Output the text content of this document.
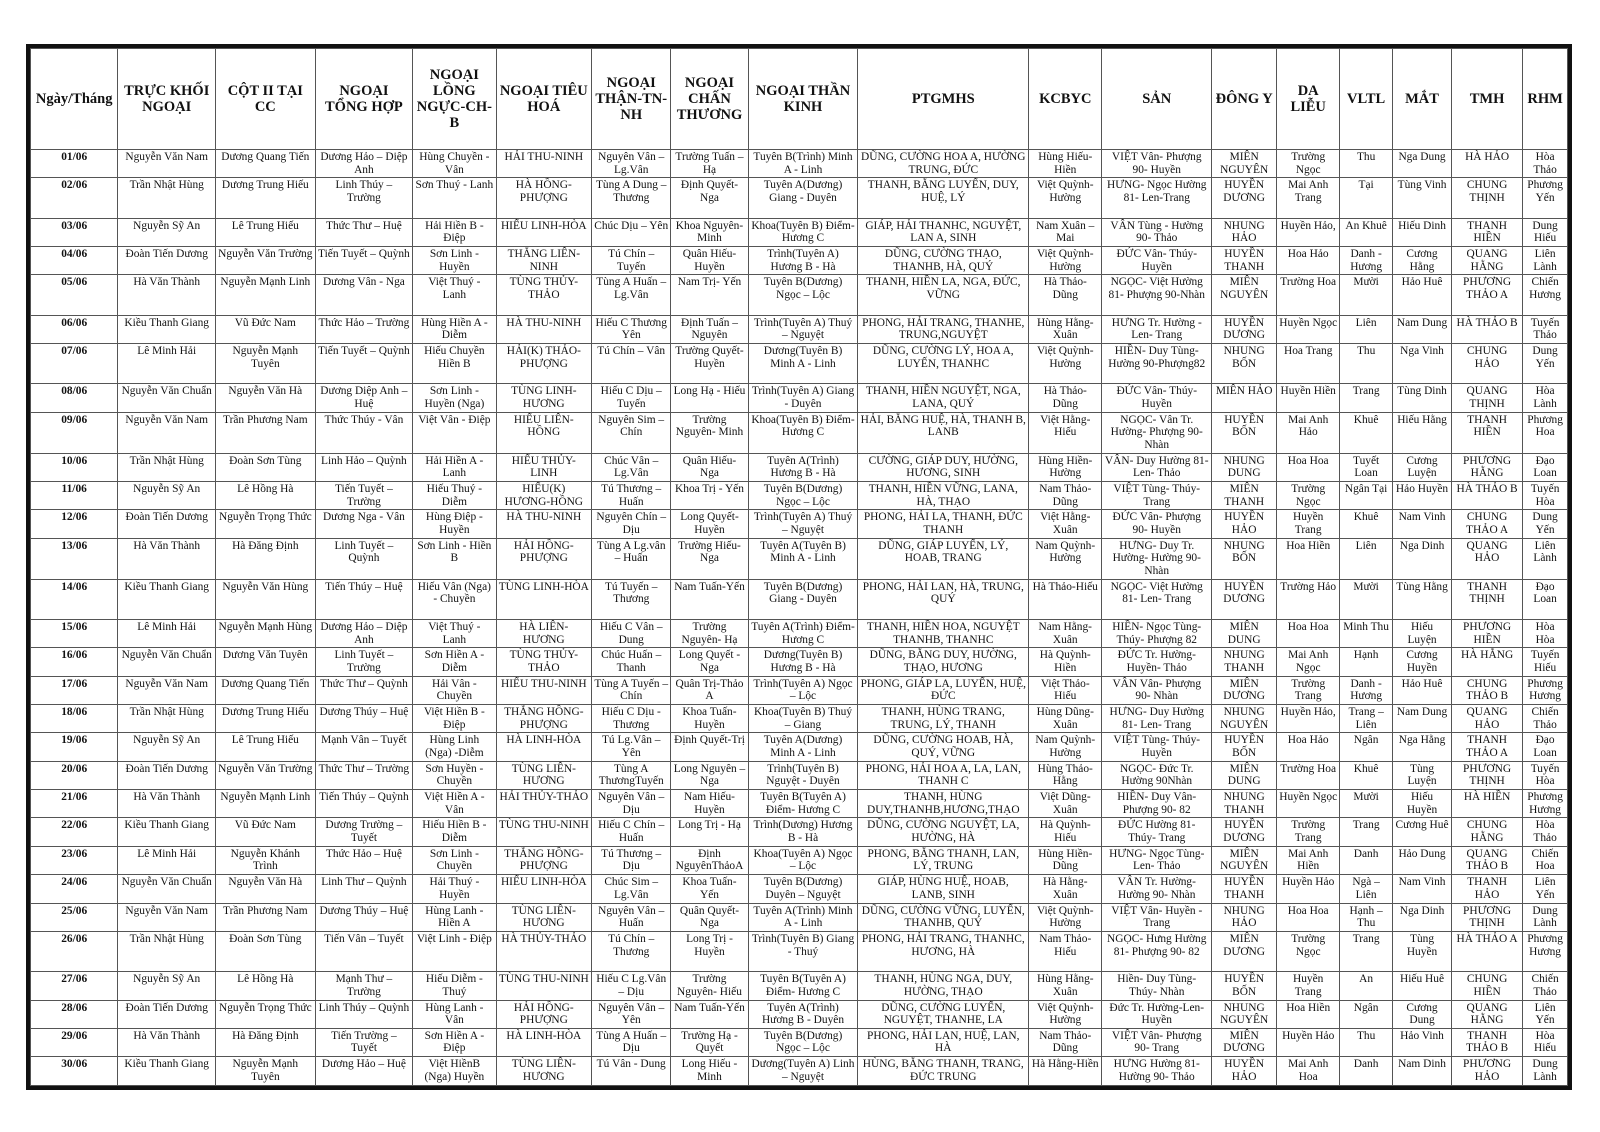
Ngày/Tháng	TRỰC KHỐI NGOẠI	CỘT II TẠI CC	NGOẠI TỔNG HỢP	NGOẠI LỒNG NGỰC-CH-B	NGOẠI TIÊU HOÁ	NGOẠI THẬN-TN-NH	NGOẠI CHẤN THƯƠNG	NGOẠI THẦN KINH	PTGMHS	KCBYC	SẢN	ĐÔNG Y	DA LIỄU	VLTL	MẮT	TMH	RHM
01/06	Nguyễn Văn Nam	Dương Quang Tiến	Dương Hảo – Diệp Anh	Hùng Chuyền - Vân	HẢI THU-NINH	Nguyên Vân – Lg.Vân	Trường Tuấn – Hạ	Tuyên B(Trình) Minh A - Linh	DŨNG, CƯỜNG HOA A, HƯỜNG TRUNG, ĐỨC	Hùng Hiếu-Hiền	VIỆT Vân- Phượng 90- Huyền	MIÊN NGUYÊN	Trường Ngọc	Thu	Nga Dung	HÀ HẢO	Hòa Thảo
02/06	Trần Nhật Hùng	Dương Trung Hiếu	Linh Thúy – Trường	Sơn Thuý - Lanh	HÀ HỒNG-PHƯỢNG	Tùng A Dung – Thương	Định Quyết-Nga	Tuyên A(Dương) Giang - Duyên	THANH, BẰNG LUYẾN, DUY, HUỆ, LÝ	Việt Quỳnh-Hường	HƯNG- Ngọc Hường 81- Len-Trang	HUYỀN DƯƠNG	Mai Anh Trang	Tại	Tùng Vinh	CHUNG THỊNH	Phương Yến
03/06	Nguyễn Sỹ An	Lê Trung Hiếu	Thức Thư – Huệ	Hải Hiền B - Điệp	HIẾU LINH-HÒA	Chúc Dịu – Yên	Khoa Nguyên-Minh	Khoa(Tuyên B) Điểm- Hương C	GIÁP, HẢI THANHC, NGUYỆT, LAN A, SINH	Nam Xuân – Mai	VÂN Tùng - Hường 90- Thảo	NHUNG HẢO	Huyền Hảo,	An Khuê	Hiếu Dinh	THANH HIỀN	Dung Hiếu
04/06	Đoàn Tiến Dương	Nguyễn Văn Trường	Tiến Tuyết – Quỳnh	Sơn Linh - Huyền	THẮNG LIÊN-NINH	Tú Chín – Tuyến	Quân Hiếu-Huyền	Trình(Tuyên A) Hương B - Hà	DŨNG, CƯỜNG THẠO, THANHB, HÀ, QUÝ	Việt Quỳnh-Hường	ĐỨC Vân- Thúy-Huyền	HUYỀN THANH	Hoa Hảo	Danh - Hương	Cương Hằng	QUANG HẰNG	Liên Lành
05/06	Hà Văn Thành	Nguyễn Mạnh Linh	Dương Vân - Nga	Việt Thuý - Lanh	TÙNG THỦY-THẢO	Tùng A Huấn – Lg.Vân	Nam Trị- Yến	Tuyên B(Dương) Ngọc – Lộc	THANH, HIỀN LA, NGA, ĐỨC, VỮNG	Hà Thảo-Dũng	NGỌC- Việt Hường 81- Phượng 90-Nhàn	MIÊN NGUYÊN	Trường Hoa	Mười	Hảo Huê	PHƯƠNG THẢO A	Chiến Hương
06/06	Kiều Thanh Giang	Vũ Đức Nam	Thức Hảo – Trường	Hùng Hiền A - Diễm	HÀ THU-NINH	Hiếu C Thương Yên	Định Tuấn – Nguyên	Trình(Tuyên A) Thuý – Nguyệt	PHONG, HẢI TRANG, THANHE, TRUNG,NGUYỆT	Hùng Hằng-Xuân	HƯNG Tr. Hường - Len- Trang	HUYỀN DƯƠNG	Huyền Ngọc	Liên	Nam Dung	HÀ THẢO B	Tuyến Thảo
07/06	Lê Minh Hải	Nguyễn Mạnh Tuyên	Tiến Tuyết – Quỳnh	Hiếu Chuyền Hiền B	HẢI(K) THẢO-PHƯỢNG	Tú Chín – Vân	Trường Quyết- Huyền	Dương(Tuyên B) Minh A - Linh	DŨNG, CƯỜNG LÝ, HOA A, LUYẾN, THANHC	Việt Quỳnh-Hường	HIỀN- Duy Tùng-Hường 90-Phượng82	NHUNG BỐN	Hoa Trang	Thu	Nga Vinh	CHUNG HẢO	Dung Yến
08/06	Nguyễn Văn Chuẩn	Nguyễn Văn Hà	Dương Diệp Anh – Huệ	Sơn Linh - Huyền (Nga)	TÙNG LINH-HƯƠNG	Hiếu C Dịu – Tuyến	Long Hạ - Hiếu	Trình(Tuyên A) Giang - Duyên	THANH, HIỀN NGUYỆT, NGA, LANA, QUÝ	Hà Thảo-Dũng	ĐỨC Vân- Thúy-Huyền	MIÊN HẢO	Huyền Hiền	Trang	Tùng Dinh	QUANG THỊNH	Hòa Lành
09/06	Nguyễn Văn Nam	Trần Phương Nam	Thức Thúy - Vân	Việt Vân - Điệp	HIẾU LIÊN-HỒNG	Nguyên Sim – Chín	Trường Nguyên- Minh	Khoa(Tuyên B) Điểm- Hương C	HẢI, BẰNG HUỆ, HÀ, THANH B, LANB	Việt Hằng-Hiếu	NGỌC- Vân Tr. Hường- Phượng 90-Nhàn	HUYỀN BỐN	Mai Anh Hảo	Khuê	Hiếu Hằng	THANH HIỀN	Phương Hoa
10/06	Trần Nhật Hùng	Đoàn Sơn Tùng	Linh Hảo – Quỳnh	Hải Hiền A - Lanh	HIẾU THỦY-LINH	Chúc Vân – Lg.Vân	Quân Hiếu-Nga	Tuyên A(Trình) Hương B - Hà	CƯỜNG, GIÁP DUY, HƯỜNG, HƯƠNG, SINH	Hùng Hiền-Hường	VÂN- Duy Hường 81- Len- Thảo	NHUNG DUNG	Hoa Hoa	Tuyết Loan	Cương Luyện	PHƯƠNG HẰNG	Đạo Loan
11/06	Nguyễn Sỹ An	Lê Hồng Hà	Tiến Tuyết – Trường	Hiếu Thuý - Diễm	HIẾU(K) HƯƠNG-HỒNG	Tú Thương – Huấn	Khoa Trị - Yến	Tuyên B(Dương) Ngọc – Lộc	THANH, HIỀN VỮNG, LANA, HÀ, THẠO	Nam Thảo-Dũng	VIỆT Tùng- Thúy-Trang	MIÊN THANH	Trường Ngọc	Ngân Tại	Hảo Huyền	HÀ THẢO B	Tuyến Hòa
12/06	Đoàn Tiến Dương	Nguyễn Trọng Thức	Dương Nga - Vân	Hùng Điệp - Huyền	HÀ THU-NINH	Nguyên Chín – Dịu	Long Quyết-Huyền	Trình(Tuyên A) Thuý – Nguyệt	PHONG, HẢI LA, THANH, ĐỨC THANH	Việt Hằng-Xuân	ĐỨC Vân- Phượng 90- Huyền	HUYỀN HẢO	Huyền Trang	Khuê	Nam Vinh	CHUNG THẢO A	Dung Yến
13/06	Hà Văn Thành	Hà Đăng Định	Linh Tuyết – Quỳnh	Sơn Linh - Hiền B	HẢI HỒNG-PHƯỢNG	Tùng A Lg.vân – Huấn	Trường Hiếu-Nga	Tuyên A(Tuyên B) Minh A - Linh	DŨNG, GIÁP LUYẾN, LÝ, HOAB, TRANG	Nam Quỳnh-Hường	HƯNG- Duy Tr. Hường- Hường 90-Nhàn	NHUNG BỐN	Hoa Hiền	Liên	Nga Dinh	QUANG HẢO	Liên Lành
14/06	Kiều Thanh Giang	Nguyễn Văn Hùng	Tiến Thúy – Huệ	Hiếu Vân (Nga) - Chuyền	TÙNG LINH-HÒA	Tú Tuyến – Thương	Nam Tuấn-Yến	Tuyên B(Dương) Giang - Duyên	PHONG, HẢI LAN, HÀ, TRUNG, QUÝ	Hà Thảo-Hiếu	NGỌC- Việt Hường 81- Len- Trang	HUYỀN DƯƠNG	Trường Hảo	Mười	Tùng Hằng	THANH THỊNH	Đạo Loan
15/06	Lê Minh Hải	Nguyễn Mạnh Hùng	Dương Hảo – Diệp Anh	Việt Thuý - Lanh	HÀ LIÊN-HƯƠNG	Hiếu C Vân – Dung	Trường Nguyên- Hạ	Tuyên A(Trình) Điểm- Hương C	THANH, HIỀN HOA, NGUYỆT THANHB, THANHC	Nam Hằng-Xuân	HIỀN- Ngọc Tùng-Thúy- Phượng 82	MIÊN DUNG	Hoa Hoa	Minh Thu	Hiếu Luyện	PHƯƠNG HIỀN	Hòa Hòa
16/06	Nguyễn Văn Chuẩn	Dương Văn Tuyên	Linh Tuyết – Trường	Sơn Hiền A - Diễm	TÙNG THỦY-THẢO	Chúc Huấn – Thanh	Long Quyết - Nga	Dương(Tuyên B) Hương B - Hà	DŨNG, BẰNG DUY, HƯỜNG, THẠO, HƯƠNG	Hà Quỳnh-Hiền	ĐỨC Tr. Hường-Huyền- Thảo	NHUNG THANH	Mai Anh Ngọc	Hạnh	Cương Huyền	HÀ HẰNG	Tuyến Hiếu
17/06	Nguyễn Văn Nam	Dương Quang Tiến	Thức Thư – Quỳnh	Hải Vân - Chuyền	HIẾU THU-NINH	Tùng A Tuyến – Chín	Quân Trị-Thảo A	Trình(Tuyên A) Ngọc – Lộc	PHONG, GIÁP LA, LUYẾN, HUỆ, ĐỨC	Việt Thảo-Hiếu	VÂN Vân- Phượng 90- Nhàn	MIÊN DƯƠNG	Trường Trang	Danh - Hương	Hảo Huê	CHUNG THẢO B	Phương Hương
18/06	Trần Nhật Hùng	Dương Trung Hiếu	Dương Thúy – Huệ	Việt Hiền B - Điệp	THẮNG HỒNG-PHƯỢNG	Hiếu C Dịu - Thương	Khoa Tuấn-Huyền	Khoa(Tuyên B) Thuý – Giang	THANH, HÙNG TRANG, TRUNG, LÝ, THANH	Hùng Dũng-Xuân	HƯNG- Duy Hường 81- Len- Trang	NHUNG NGUYÊN	Huyền Hảo,	Trang – Liên	Nam Dung	QUANG HẢO	Chiến Thảo
19/06	Nguyễn Sỹ An	Lê Trung Hiếu	Mạnh Vân – Tuyết	Hùng Linh (Nga) -Diễm	HÀ LINH-HÒA	Tú Lg.Vân – Yên	Định Quyết-Trị	Tuyên A(Dương) Minh A - Linh	DŨNG, CƯỜNG HOAB, HÀ, QUÝ, VỮNG	Nam Quỳnh-Hường	VIỆT Tùng- Thúy-Huyền	HUYỀN BỐN	Hoa Hảo	Ngân	Nga Hằng	THANH THẢO A	Đạo Loan
20/06	Đoàn Tiến Dương	Nguyễn Văn Trường	Thức Thư – Trường	Sơn Huyền - Chuyền	TÙNG LIÊN-HƯƠNG	Tùng A ThươngTuyến	Long Nguyên – Nga	Trình(Tuyên B) Nguyệt - Duyên	PHONG, HẢI HOA A, LA, LAN, THANH C	Hùng Thảo-Hằng	NGỌC- Đức Tr. Hường 90Nhàn	MIÊN DUNG	Trường Hoa	Khuê	Tùng Luyện	PHƯƠNG THỊNH	Tuyến Hòa
21/06	Hà Văn Thành	Nguyễn Mạnh Linh	Tiến Thúy – Quỳnh	Việt Hiền A - Vân	HẢI THỦY-THẢO	Nguyên Vân – Dịu	Nam Hiếu-Huyền	Tuyên B(Tuyên A) Điểm- Hương C	THANH, HÙNG DUY,THANHB,HƯƠNG,THẠO	Việt Dũng-Xuân	HIỀN- Duy Vân-Phượng 90- 82	NHUNG THANH	Huyền Ngọc	Mười	Hiếu Huyền	HÀ HIỀN	Phương Hương
22/06	Kiều Thanh Giang	Vũ Đức Nam	Dương Trường – Tuyết	Hiếu Hiền B - Diễm	TÙNG THU-NINH	Hiếu C Chín – Huấn	Long Trị - Hạ	Trình(Dương) Hương B - Hà	DŨNG, CƯỜNG NGUYỆT, LA, HƯỜNG, HÀ	Hà Quỳnh-Hiếu	ĐỨC Hường 81- Thúy- Trang	HUYỀN DƯƠNG	Trường Trang	Trang	Cương Huê	CHUNG HẰNG	Hòa Thảo
23/06	Lê Minh Hải	Nguyễn Khánh Trình	Thức Hảo – Huệ	Sơn Linh - Chuyền	THẮNG HỒNG-PHƯỢNG	Tú Thương – Dịu	Định NguyênThảoA	Khoa(Tuyên A) Ngọc – Lộc	PHONG, BẰNG THANH, LAN, LÝ, TRUNG	Hùng Hiền-Dũng	HƯNG- Ngọc Tùng-Len- Thảo	MIÊN NGUYÊN	Mai Anh Hiền	Danh	Hảo Dung	QUANG THẢO B	Chiến Hoa
24/06	Nguyễn Văn Chuẩn	Nguyễn Văn Hà	Linh Thư – Quỳnh	Hải Thuý - Huyền	HIẾU LINH-HÒA	Chúc Sim – Lg.Vân	Khoa Tuấn-Yến	Tuyên B(Dương) Duyên – Nguyệt	GIÁP, HÙNG HUỆ, HOAB, LANB, SINH	Hà Hằng-Xuân	VÂN Tr. Hường-Hường 90- Nhàn	HUYỀN THANH	Huyền Hảo	Ngà – Liên	Nam Vinh	THANH HẢO	Liên Yến
25/06	Nguyễn Văn Nam	Trần Phương Nam	Dương Thúy – Huệ	Hùng Lanh - Hiền A	TÙNG LIÊN-HƯƠNG	Nguyên Vân – Huấn	Quân Quyết-Nga	Tuyên A(Trình) Minh A - Linh	DŨNG, CƯỜNG VỮNG, LUYẾN, THANHB, QUÝ	Việt Quỳnh-Hường	VIỆT Vân- Huyền - Trang	NHUNG HẢO	Hoa Hoa	Hạnh – Thu	Nga Dinh	PHƯƠNG THỊNH	Dung Lành
26/06	Trần Nhật Hùng	Đoàn Sơn Tùng	Tiến Vân – Tuyết	Việt Linh - Điệp	HÀ THỦY-THẢO	Tú Chín – Thương	Long Trị - Huyền	Trình(Tuyên B) Giang - Thuý	PHONG, HẢI TRANG, THANHC, HƯƠNG, HÀ	Nam Thảo-Hiếu	NGỌC- Hưng Hường 81- Phượng 90- 82	MIÊN DƯƠNG	Trường Ngọc	Trang	Tùng Huyền	HÀ THẢO A	Phương Hương
27/06	Nguyễn Sỹ An	Lê Hồng Hà	Mạnh Thư – Trường	Hiếu Diễm - Thuý	TÙNG THU-NINH	Hiếu C Lg.Vân – Dịu	Trường Nguyên- Hiếu	Tuyên B(Tuyên A) Điểm- Hương C	THANH, HÙNG NGA, DUY, HƯỜNG, THẠO	Hùng Hằng-Xuân	Hiền- Duy Tùng-Thúy- Nhàn	HUYỀN BỐN	Huyền Trang	An	Hiếu Huê	CHUNG HIỀN	Chiến Thảo
28/06	Đoàn Tiến Dương	Nguyễn Trọng Thức	Linh Thúy – Quỳnh	Hùng Lanh - Vân	HẢI HỒNG-PHƯỢNG	Nguyên Vân – Yên	Nam Tuấn-Yến	Tuyên A(Trình) Hương B - Duyên	DŨNG, CƯỜNG LUYẾN, NGUYỆT, THANHE, LA	Việt Quỳnh-Hường	Đức Tr. Hường-Len- Huyền	NHUNG NGUYÊN	Hoa Hiền	Ngân	Cương Dung	QUANG HẰNG	Liên Yến
29/06	Hà Văn Thành	Hà Đăng Định	Tiến Trường – Tuyết	Sơn Hiền A - Điệp	HÀ LINH-HÒA	Tùng A Huấn – Dịu	Trường Hạ - Quyết	Tuyên B(Dương) Ngọc – Lộc	PHONG, HẢI LAN, HUỆ, LAN, HÀ	Nam Thảo-Dũng	VIỆT Vân- Phượng 90- Trang	MIÊN DƯƠNG	Huyền Hảo	Thu	Hảo Vinh	THANH THẢO B	Hòa Hiếu
30/06	Kiều Thanh Giang	Nguyễn Mạnh Tuyên	Dương Hảo – Huệ	Việt HiềnB (Nga) Huyền	TÙNG LIÊN-HƯƠNG	Tú Vân - Dung	Long Hiếu - Minh	Dương(Tuyên A) Linh – Nguyệt	HÙNG, BẰNG THANH, TRANG, ĐỨC TRUNG	Hà Hằng-Hiền	HƯNG Hường 81- Hường 90- Thảo	HUYỀN HẢO	Mai Anh Hoa	Danh	Nam Dinh	PHƯƠNG HẢO	Dung Lành
